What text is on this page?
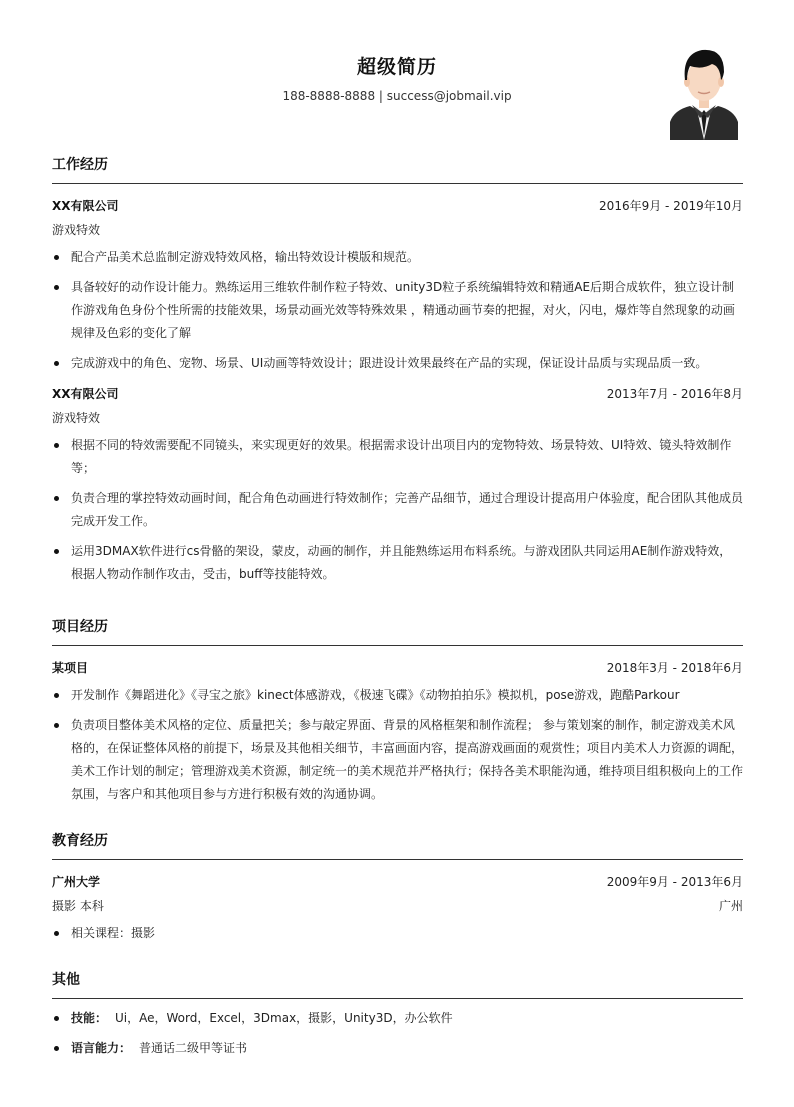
超级简历
188-8888-8888 | success@jobmail.vip
工作经历
XX有限公司	2016年9月 - 2019年10月
游戏特效
配合产品美术总监制定游戏特效风格，输出特效设计模版和规范。
具备较好的动作设计能力。熟练运用三维软件制作粒子特效、unity3D粒子系统编辑特效和精通AE后期合成软件，独立设计制作游戏角色身份个性所需的技能效果，场景动画光效等特殊效果 ，精通动画节奏的把握，对火，闪电，爆炸等自然现象的动画规律及色彩的变化了解
完成游戏中的角色、宠物、场景、UI动画等特效设计；跟进设计效果最终在产品的实现，保证设计品质与实现品质一致。
XX有限公司	2013年7月 - 2016年8月
游戏特效
根据不同的特效需要配不同镜头，来实现更好的效果。根据需求设计出项目内的宠物特效、场景特效、UI特效、镜头特效制作等；
负责合理的掌控特效动画时间，配合角色动画进行特效制作；完善产品细节，通过合理设计提高用户体验度，配合团队其他成员完成开发工作。
运用3DMAX软件进行cs骨骼的架设，蒙皮，动画的制作，并且能熟练运用布料系统。与游戏团队共同运用AE制作游戏特效，根据人物动作制作攻击，受击，buff等技能特效。
项目经历
某项目	2018年3月 - 2018年6月
开发制作《舞蹈进化》《寻宝之旅》kinect体感游戏，《极速飞碟》《动物拍拍乐》模拟机，pose游戏，跑酷Parkour
负责项目整体美术风格的定位、质量把关；参与敲定界面、背景的风格框架和制作流程； 参与策划案的制作，制定游戏美术风格的，在保证整体风格的前提下，场景及其他相关细节，丰富画面内容，提高游戏画面的观赏性；项目内美术人力资源的调配，美术工作计划的制定；管理游戏美术资源，制定统一的美术规范并严格执行；保持各美术职能沟通，维持项目组积极向上的工作氛围，与客户和其他项目参与方进行积极有效的沟通协调。
教育经历
广州大学	2009年9月 - 2013年6月
摄影 本科	广州
相关课程：摄影
其他
技能： Ui，Ae，Word，Excel，3Dmax，摄影，Unity3D，办公软件
语言能力： 普通话二级甲等证书
